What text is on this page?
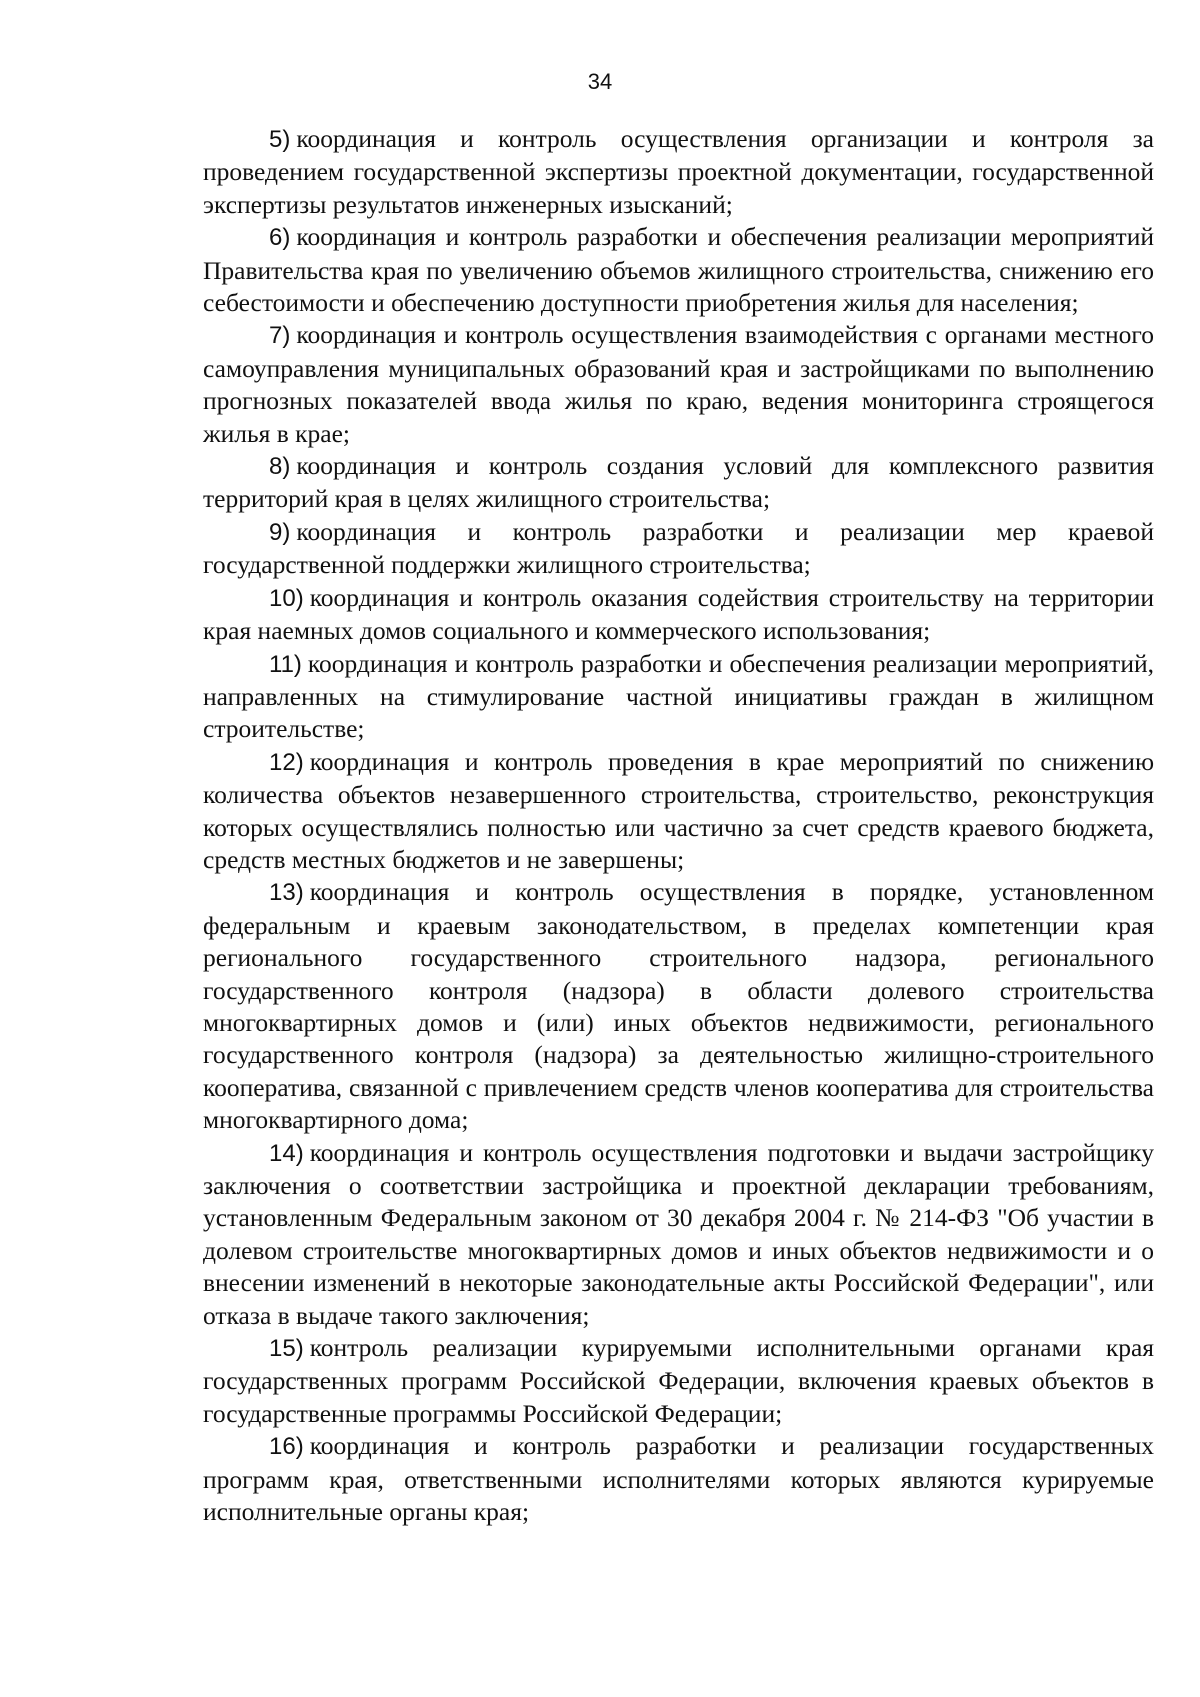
34

5) координация и контроль осуществления организации и контроля за проведением государственной экспертизы проектной документации, государственной экспертизы результатов инженерных изысканий;

6) координация и контроль разработки и обеспечения реализации мероприятий Правительства края по увеличению объемов жилищного строительства, снижению его себестоимости и обеспечению доступности приобретения жилья для населения;

7) координация и контроль осуществления взаимодействия с органами местного самоуправления муниципальных образований края и застройщиками по выполнению прогнозных показателей ввода жилья по краю, ведения мониторинга строящегося жилья в крае;

8) координация и контроль создания условий для комплексного развития территорий края в целях жилищного строительства;

9) координация и контроль разработки и реализации мер краевой государственной поддержки жилищного строительства;

10) координация и контроль оказания содействия строительству на территории края наемных домов социального и коммерческого использования;

11) координация и контроль разработки и обеспечения реализации мероприятий, направленных на стимулирование частной инициативы граждан в жилищном строительстве;

12) координация и контроль проведения в крае мероприятий по снижению количества объектов незавершенного строительства, строительство, реконструкция которых осуществлялись полностью или частично за счет средств краевого бюджета, средств местных бюджетов и не завершены;

13) координация и контроль осуществления в порядке, установленном федеральным и краевым законодательством, в пределах компетенции края регионального государственного строительного надзора, регионального государственного контроля (надзора) в области долевого строительства многоквартирных домов и (или) иных объектов недвижимости, регионального государственного контроля (надзора) за деятельностью жилищно-строительного кооператива, связанной с привлечением средств членов кооператива для строительства многоквартирного дома;

14) координация и контроль осуществления подготовки и выдачи застройщику заключения о соответствии застройщика и проектной декларации требованиям, установленным Федеральным законом от 30 декабря 2004 г. № 214-ФЗ "Об участии в долевом строительстве многоквартирных домов и иных объектов недвижимости и о внесении изменений в некоторые законодательные акты Российской Федерации", или отказа в выдаче такого заключения;

15) контроль реализации курируемыми исполнительными органами края государственных программ Российской Федерации, включения краевых объектов в государственные программы Российской Федерации;

16) координация и контроль разработки и реализации государственных программ края, ответственными исполнителями которых являются курируемые исполнительные органы края;
